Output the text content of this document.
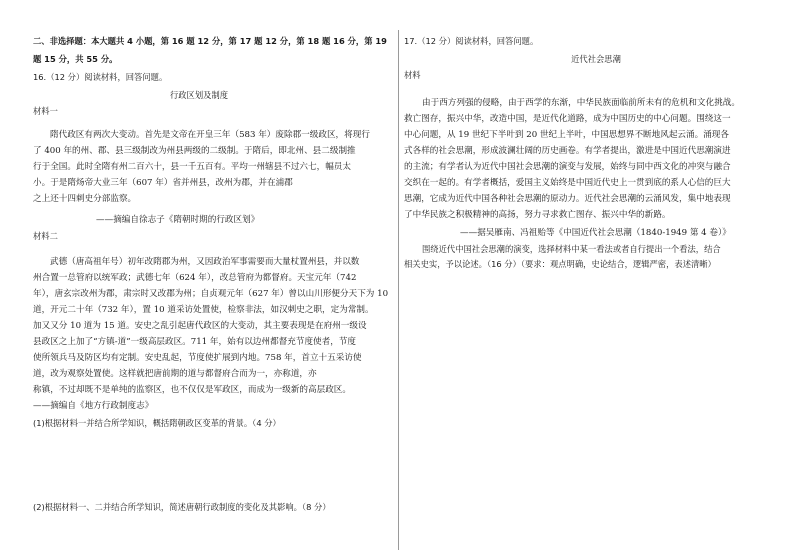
二、非选择题：本大题共 4 小题，第 16 题 12 分，第 17 题 12 分，第 18 题 16 分，第 19
题 15 分，共 55 分。
16.（12 分）阅读材料，回答问题。
行政区划及制度
材料一
隋代政区有两次大变动。首先是文帝在开皇三年（583 年）废除郡一级政区，将现行
了 400 年的州、郡、县三级制改为州县两级的二级制。于隋后，即北州、县二级制推
行于全国。此时全隋有州二百六十，县一千五百有。平均一州辖县不过六七，幅员太
小。于是隋炀帝大业三年（607 年）省并州县，改州为郡，并在浦郡
之上还十四刺史分部监察。
——摘编自徐志子《隋朝时期的行政区划》
材料二
武德（唐高祖年号）初年改隋郡为州，又因政治军事需要而大量杖置州县，并以数
州合置一总管府以统军政；武德七年（624 年），改总管府为都督府。天宝元年（742
年），唐玄宗改州为郡，肃宗时又改郡为州；自贞观元年（627 年）曾以山川形便分天下为 10
道，开元二十年（732 年），置 10 道采访处置使，检察非法，如汉刺史之职，定为常制。
加又又分 10 道为 15 道。安史之乱引起唐代政区的大变动，其主要表现是在府州一级设
县政区之上加了“方镇-道”一级高层政区。711 年，始有以边州都督充节度使者，节度
使所领兵马及防区均有定制。安史乱起，节度使扩展到内地。758 年，首立十五采访使
道，改为观察处置使。这样就把唐前期的道与都督府合而为一，亦称道，亦
称镇，不过却既不是单纯的监察区，也不仅仅是军政区，而成为一级新的高层政区。
——摘编自《地方行政制度志》
(1)根据材料一并结合所学知识，概括隋朝政区变革的背景。（4 分）
(2)根据材料一、二并结合所学知识，简述唐朝行政制度的变化及其影响。（8 分）
17.（12 分）阅读材料，回答问题。
近代社会思潮
材料
由于西方列强的侵略，由于西学的东渐，中华民族面临前所未有的危机和文化挑战。
救亡图存，振兴中华，改造中国，是近代化道路，成为中国历史的中心问题。围绕这一
中心问题，从 19 世纪下半叶到 20 世纪上半叶，中国思想界不断地风起云涌。涌现各
式各样的社会思潮，形成波澜壮阔的历史画卷。有学者提出，激进是中国近代思潮演进
的主流；有学者认为近代中国社会思潮的演变与发展，始终与同中西文化的冲突与融合
交织在一起的。有学者概括，爱国主义始终是中国近代史上一贯到底的系人心信的巨大
思潮，它成为近代中国各种社会思潮的原动力。近代社会思潮的云涌风发，集中地表现
了中华民族之积极精神的高扬，努力寻求救亡图存、振兴中华的新路。
——据吴雁南、冯祖贻等《中国近代社会思潮（1840-1949 第 4 卷）》
围绕近代中国社会思潮的演变，选择材料中某一看法或者自行提出一个看法，结合
相关史实，予以论述。（16 分）（要求：观点明确，史论结合，逻辑严密，表述清晰）
